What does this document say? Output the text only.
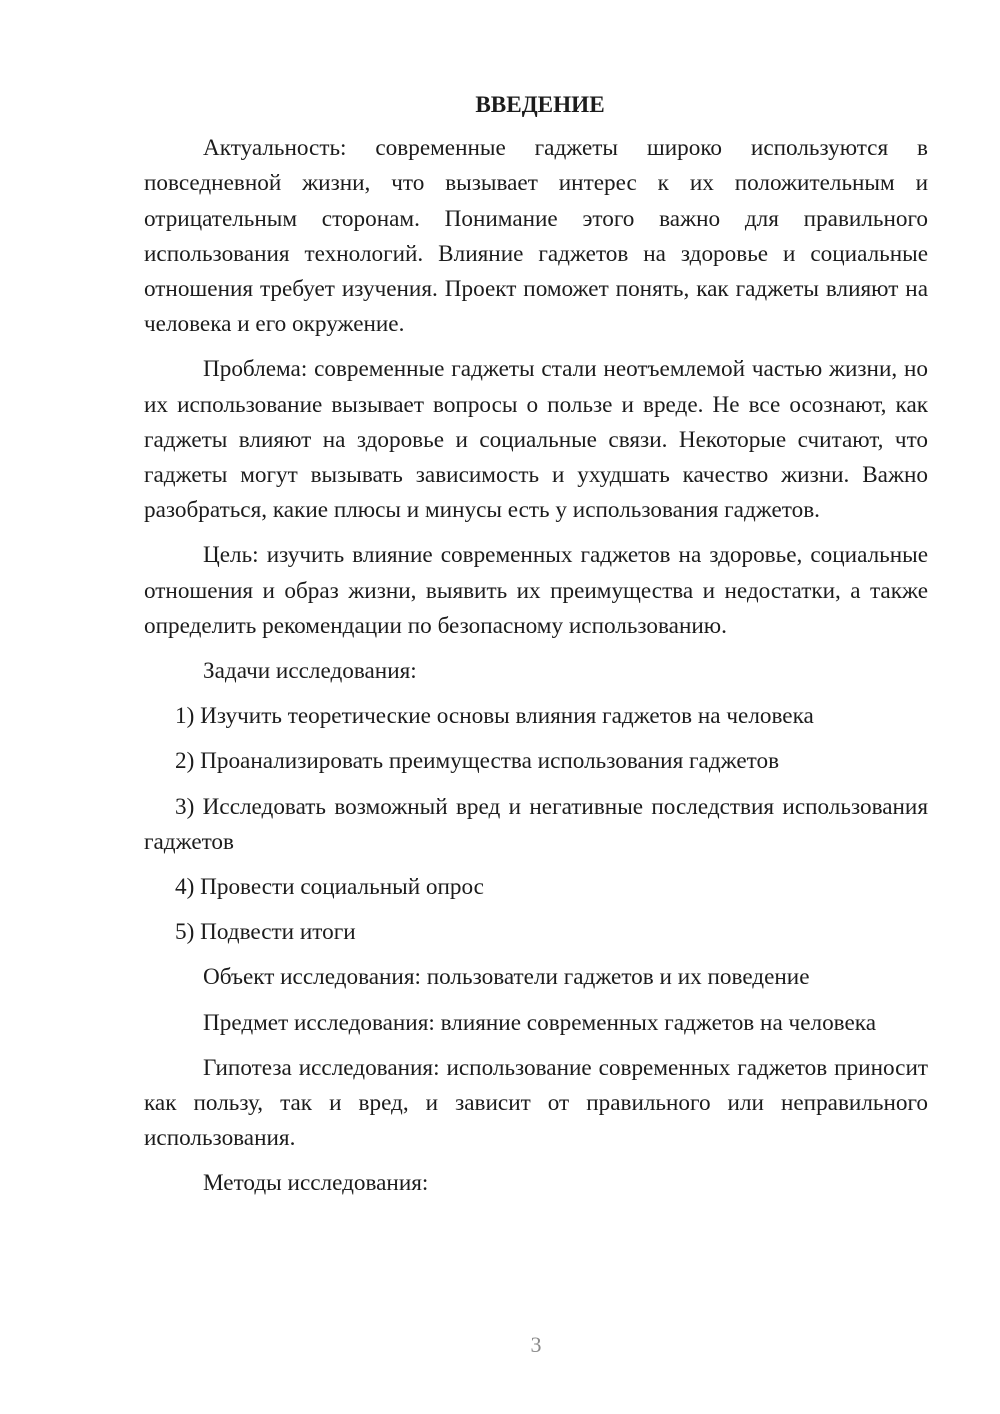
ВВЕДЕНИЕ

Актуальность: современные гаджеты широко используются в повседневной жизни, что вызывает интерес к их положительным и отрицательным сторонам. Понимание этого важно для правильного использования технологий. Влияние гаджетов на здоровье и социальные отношения требует изучения. Проект поможет понять, как гаджеты влияют на человека и его окружение.

Проблема: современные гаджеты стали неотъемлемой частью жизни, но их использование вызывает вопросы о пользе и вреде. Не все осознают, как гаджеты влияют на здоровье и социальные связи. Некоторые считают, что гаджеты могут вызывать зависимость и ухудшать качество жизни. Важно разобраться, какие плюсы и минусы есть у использования гаджетов.

Цель: изучить влияние современных гаджетов на здоровье, социальные отношения и образ жизни, выявить их преимущества и недостатки, а также определить рекомендации по безопасному использованию.

Задачи исследования:

1) Изучить теоретические основы влияния гаджетов на человека

2) Проанализировать преимущества использования гаджетов

3) Исследовать возможный вред и негативные последствия использования гаджетов

4) Провести социальный опрос

5) Подвести итоги

Объект исследования: пользователи гаджетов и их поведение

Предмет исследования: влияние современных гаджетов на человека

Гипотеза исследования: использование современных гаджетов приносит как пользу, так и вред, и зависит от правильного или неправильного использования.

Методы исследования:

3
